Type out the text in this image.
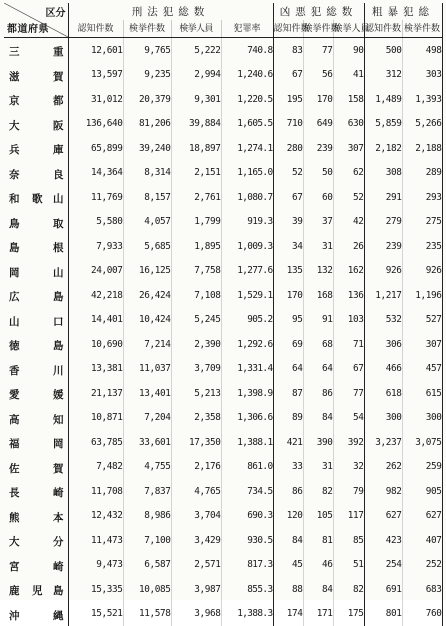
区分
都道府県	刑法犯総数				凶悪犯総数			粗暴犯総	
	認知件数	検挙件数	検挙人員	犯罪率	認知件数	検挙件数	検挙人員	認知件数	検挙件数

三 重	12,601	9,765	5,222	740.8	83	77	90	500	498

滋 賀	13,597	9,235	2,994	1,240.6	67	56	41	312	303

京 都	31,012	20,379	9,301	1,220.5	195	170	158	1,489	1,393

大 阪	136,640	81,206	39,884	1,605.5	710	649	630	5,859	5,266

兵 庫	65,899	39,240	18,897	1,274.1	280	239	307	2,182	2,188

奈 良	14,364	8,314	2,151	1,165.0	52	50	62	308	289

和 歌 山	11,769	8,157	2,761	1,080.7	67	60	52	291	293

鳥 取	5,580	4,057	1,799	919.3	39	37	42	279	275

島 根	7,933	5,685	1,895	1,009.3	34	31	26	239	235

岡 山	24,007	16,125	7,758	1,277.6	135	132	162	926	926

広 島	42,218	26,424	7,108	1,529.1	170	168	136	1,217	1,196

山 口	14,401	10,424	5,245	905.2	95	91	103	532	527

徳 島	10,690	7,214	2,390	1,292.6	69	68	71	306	307

香 川	13,381	11,037	3,709	1,331.4	64	64	67	466	457

愛 媛	21,137	13,401	5,213	1,398.9	87	86	77	618	615

高 知	10,871	7,204	2,358	1,306.6	89	84	54	300	300

福 岡	63,785	33,601	17,350	1,388.1	421	390	392	3,237	3,075

佐 賀	7,482	4,755	2,176	861.0	33	31	32	262	259

長 崎	11,708	7,837	4,765	734.5	86	82	79	982	905

熊 本	12,432	8,986	3,704	690.3	120	105	117	627	627

大 分	11,473	7,100	3,429	930.5	84	81	85	423	407

宮 崎	9,473	6,587	2,571	817.3	45	46	51	254	252

鹿 児 島	15,335	10,085	3,987	855.3	88	84	82	691	683

沖 縄	15,521	11,578	3,968	1,388.3	174	171	175	801	760
